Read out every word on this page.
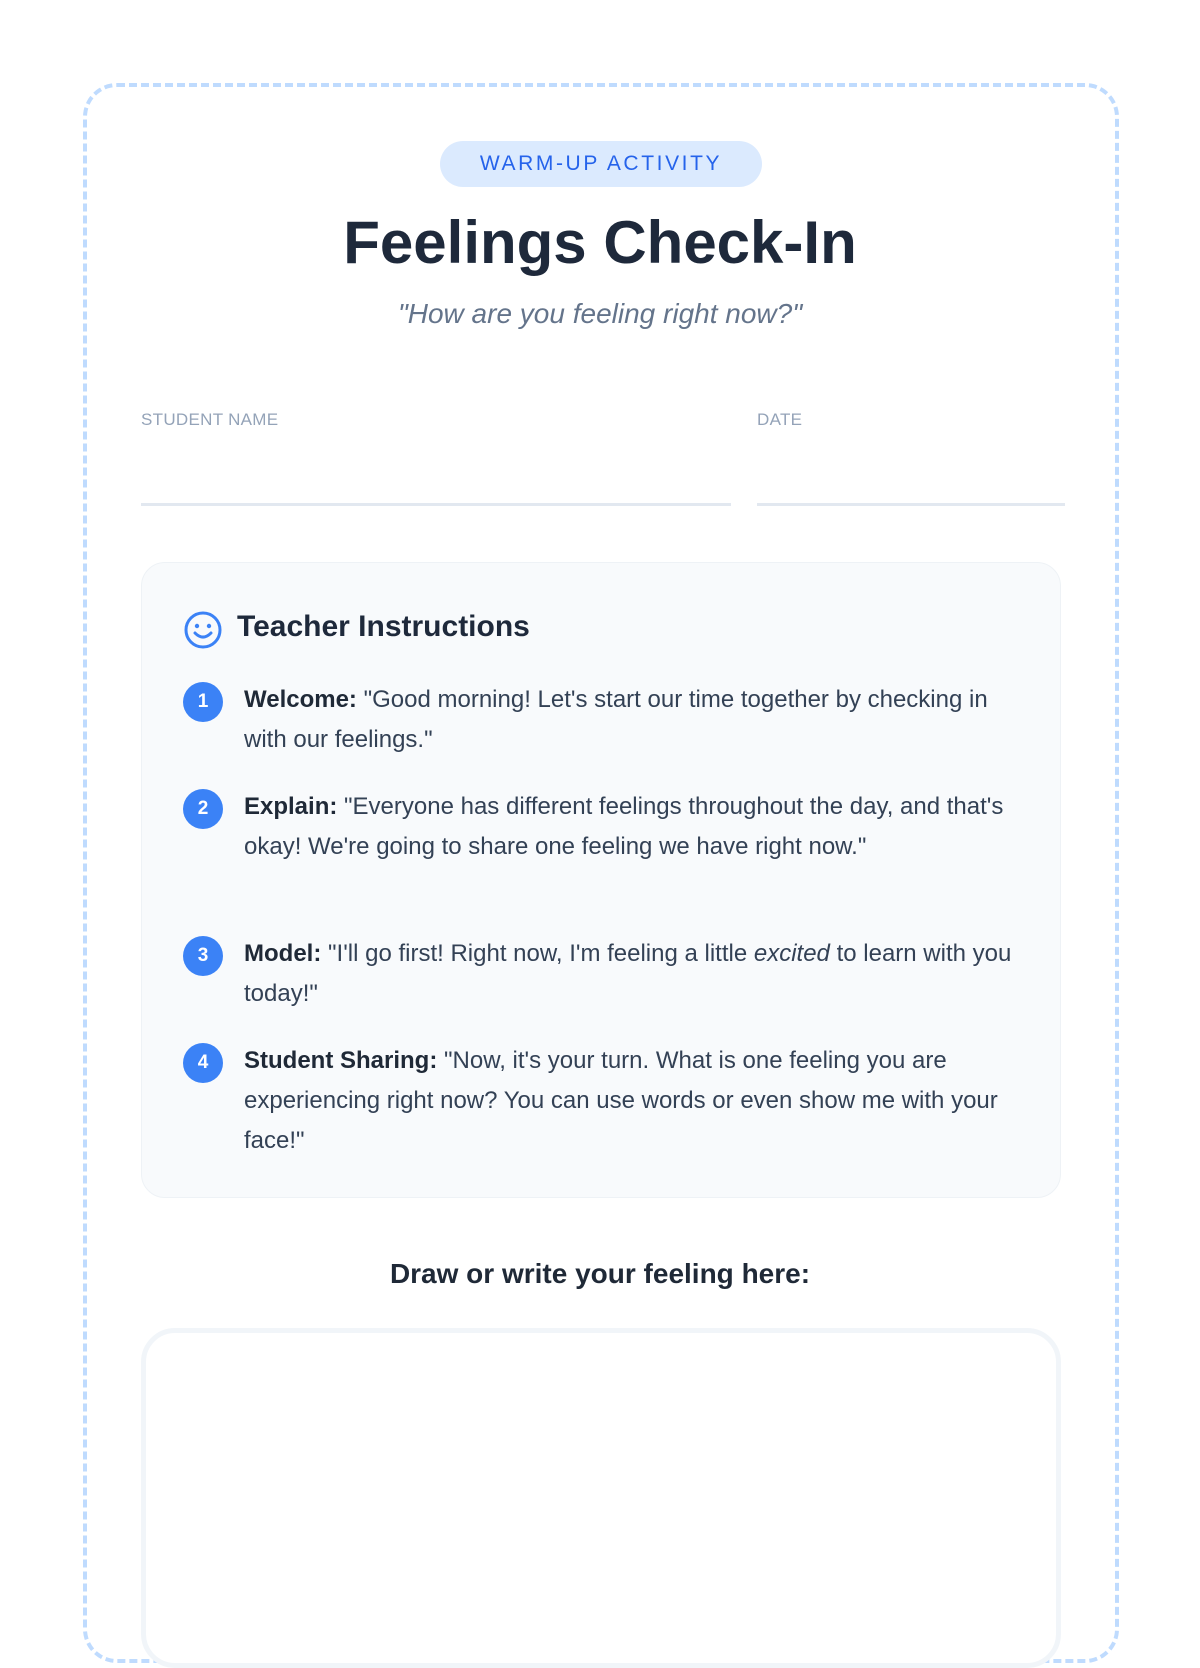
WARM-UP ACTIVITY
Feelings Check-In
"How are you feeling right now?"
STUDENT NAME	DATE
Teacher Instructions
1	Welcome: "Good morning! Let's start our time together by checking in with our feelings."
2	Explain: "Everyone has different feelings throughout the day, and that's okay! We're going to share one feeling we have right now."
3	Model: "I'll go first! Right now, I'm feeling a little excited to learn with you today!"
4	Student Sharing: "Now, it's your turn. What is one feeling you are experiencing right now? You can use words or even show me with your face!"
Draw or write your feeling here:
